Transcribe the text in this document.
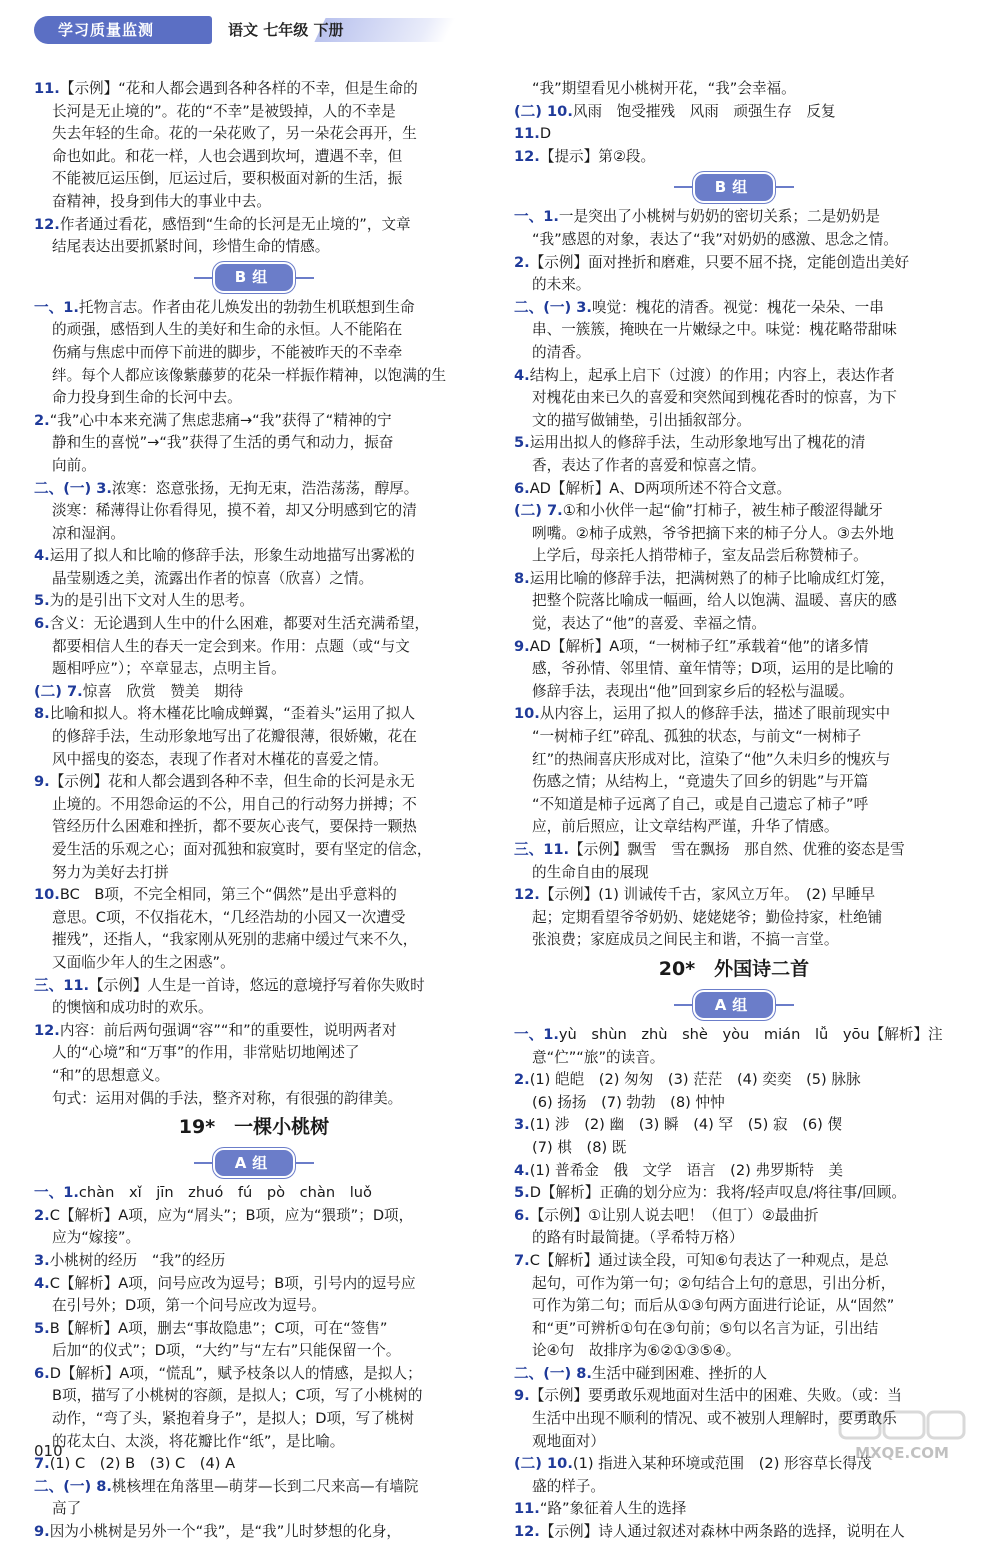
学习质量监测	语文 七年级 下册

11.【示例】“花和人都会遇到各种各样的不幸，但是生命的

长河是无止境的”。花的“不幸”是被毁掉，人的不幸是

失去年轻的生命。花的一朵花败了，另一朵花会再开，生

命也如此。和花一样，人也会遇到坎坷，遭遇不幸，但

不能被厄运压倒，厄运过后，要积极面对新的生活，振

奋精神，投身到伟大的事业中去。

12.作者通过看花，感悟到“生命的长河是无止境的”，文章

结尾表达出要抓紧时间，珍惜生命的情感。

B组

一、1.托物言志。作者由花儿焕发出的勃勃生机联想到生命

的顽强，感悟到人生的美好和生命的永恒。人不能陷在

伤痛与焦虑中而停下前进的脚步，不能被昨天的不幸牵

绊。每个人都应该像紫藤萝的花朵一样振作精神，以饱满的生

命力投身到生命的长河中去。

2.“我”心中本来充满了焦虑悲痛→“我”获得了“精神的宁

静和生的喜悦”→“我”获得了生活的勇气和动力，振奋

向前。

二、(一) 3.浓寒：恣意张扬，无拘无束，浩浩荡荡，醇厚。

淡寒：稀薄得让你看得见，摸不着，却又分明感到它的清

凉和湿润。

4.运用了拟人和比喻的修辞手法，形象生动地描写出雾凇的

晶莹剔透之美，流露出作者的惊喜（欣喜）之情。

5.为的是引出下文对人生的思考。

6.含义：无论遇到人生中的什么困难，都要对生活充满希望，

都要相信人生的春天一定会到来。作用：点题（或“与文

题相呼应”）；卒章显志，点明主旨。

(二) 7.惊喜　欣赏　赞美　期待

8.比喻和拟人。将木槿花比喻成蝉翼，“歪着头”运用了拟人

的修辞手法，生动形象地写出了花瓣很薄，很娇嫩，花在

风中摇曳的姿态，表现了作者对木槿花的喜爱之情。

9.【示例】花和人都会遇到各种不幸，但生命的长河是永无

止境的。不用怨命运的不公，用自己的行动努力拼搏；不

管经历什么困难和挫折，都不要灰心丧气，要保持一颗热

爱生活的乐观之心；面对孤独和寂寞时，要有坚定的信念，

努力为美好去打拼

10.BC　B项，不完全相同，第三个“偶然”是出乎意料的

意思。C项，不仅指花木，“几经浩劫的小园又一次遭受

摧残”，还指人，“我家刚从死别的悲痛中缓过气来不久，

又面临少年人的生之困惑”。

三、11.【示例】人生是一首诗，悠远的意境抒写着你失败时

的懊恼和成功时的欢乐。

12.内容：前后两句强调“容”“和”的重要性，说明两者对

人的“心境”和“万事”的作用，非常贴切地阐述了

“和”的思想意义。

句式：运用对偶的手法，整齐对称，有很强的韵律美。

19*　一棵小桃树
A组

一、1.chàn　xǐ　jīn　zhuó　fú　pò　chàn　luǒ

2.C【解析】A项，应为“屑头”；B项，应为“猥琐”；D项，

应为“嫁接”。

3.小桃树的经历　“我”的经历

4.C【解析】A项，问号应改为逗号；B项，引号内的逗号应

在引号外；D项，第一个问号应改为逗号。

5.B【解析】A项，删去“事故隐患”；C项，可在“签售”

后加“的仪式”；D项，“大约”与“左右”只能保留一个。

6.D【解析】A项，“慌乱”，赋予枝条以人的情感，是拟人；

B项，描写了小桃树的容颜，是拟人；C项，写了小桃树的

动作，“弯了头，紧抱着身子”，是拟人；D项，写了桃树

的花太白、太淡，将花瓣比作“纸”，是比喻。

7.(1) C　(2) B　(3) C　(4) A

二、(一) 8.桃核埋在角落里—萌芽—长到二尺来高—有墙院

高了

9.因为小桃树是另外一个“我”，是“我”儿时梦想的化身，

“我”期望看见小桃树开花，“我”会幸福。

(二) 10.风雨　饱受摧残　风雨　顽强生存　反复

11.D

12.【提示】第②段。

B组

一、1.一是突出了小桃树与奶奶的密切关系；二是奶奶是

“我”感恩的对象，表达了“我”对奶奶的感激、思念之情。

2.【示例】面对挫折和磨难，只要不屈不挠，定能创造出美好

的未来。

二、(一) 3.嗅觉：槐花的清香。视觉：槐花一朵朵、一串

串、一簇簇，掩映在一片嫩绿之中。味觉：槐花略带甜味

的清香。

4.结构上，起承上启下（过渡）的作用；内容上，表达作者

对槐花由来已久的喜爱和突然闻到槐花香时的惊喜，为下

文的描写做铺垫，引出插叙部分。

5.运用出拟人的修辞手法，生动形象地写出了槐花的清

香，表达了作者的喜爱和惊喜之情。

6.AD【解析】A、D两项所述不符合文意。

(二) 7.①和小伙伴一起“偷”打柿子，被生柿子酸涩得龇牙

咧嘴。②柿子成熟，爷爷把摘下来的柿子分人。③去外地

上学后，母亲托人捎带柿子，室友品尝后称赞柿子。

8.运用比喻的修辞手法，把满树熟了的柿子比喻成红灯笼，

把整个院落比喻成一幅画，给人以饱满、温暖、喜庆的感

觉，表达了“他”的喜爱、幸福之情。

9.AD【解析】A项，“一树柿子红”承载着“他”的诸多情

感，爷孙情、邻里情、童年情等；D项，运用的是比喻的

修辞手法，表现出“他”回到家乡后的轻松与温暖。

10.从内容上，运用了拟人的修辞手法，描述了眼前现实中

“一树柿子红”碎乱、孤独的状态，与前文“一树柿子

红”的热闹喜庆形成对比，渲染了“他”久未归乡的愧疚与

伤感之情；从结构上，“竟遗失了回乡的钥匙”与开篇

“不知道是柿子远离了自己，或是自己遗忘了柿子”呼

应，前后照应，让文章结构严谨，升华了情感。

三、11.【示例】飘雪　雪在飘扬　那自然、优雅的姿态是雪

的生命自由的展现

12.【示例】(1) 训诫传千古，家风立万年。　(2) 早睡早

起；定期看望爷爷奶奶、姥姥姥爷；勤俭持家，杜绝铺

张浪费；家庭成员之间民主和谐，不搞一言堂。

20*　外国诗二首
A组

一、1.yù　shùn　zhù　shè　yòu　mián　lǚ　yōu【解析】注

意“伫”“旅”的读音。

2.(1) 皑皑　(2) 匆匆　(3) 茫茫　(4) 奕奕　(5) 脉脉

(6) 扬扬　(7) 勃勃　(8) 忡忡

3.(1) 涉　(2) 幽　(3) 瞬　(4) 罕　(5) 寂　(6) 偰

(7) 棋　(8) 既

4.(1) 普希金　俄　文学　语言　(2) 弗罗斯特　美

5.D【解析】正确的划分应为：我将/轻声叹息/将往事/回顾。

6.【示例】①让别人说去吧！（但丁）②最曲折

的路有时最简捷。（孚希特万格）

7.C【解析】通过读全段，可知⑥句表达了一种观点，是总

起句，可作为第一句；②句结合上句的意思，引出分析，

可作为第二句；而后从①③句两方面进行论证，从“固然”

和“更”可辨析①句在③句前；⑤句以名言为证，引出结

论④句　故排序为⑥②①③⑤④。

二、(一) 8.生活中碰到困难、挫折的人

9.【示例】要勇敢乐观地面对生活中的困难、失败。（或：当

生活中出现不顺利的情况、或不被别人理解时，要勇敢乐

观地面对）

(二) 10.(1) 指进入某种环境或范围　(2) 形容草长得茂

盛的样子。

11.“路”象征着人生的选择

12.【示例】诗人通过叙述对森林中两条路的选择，说明在人

010	MXQE.COM
